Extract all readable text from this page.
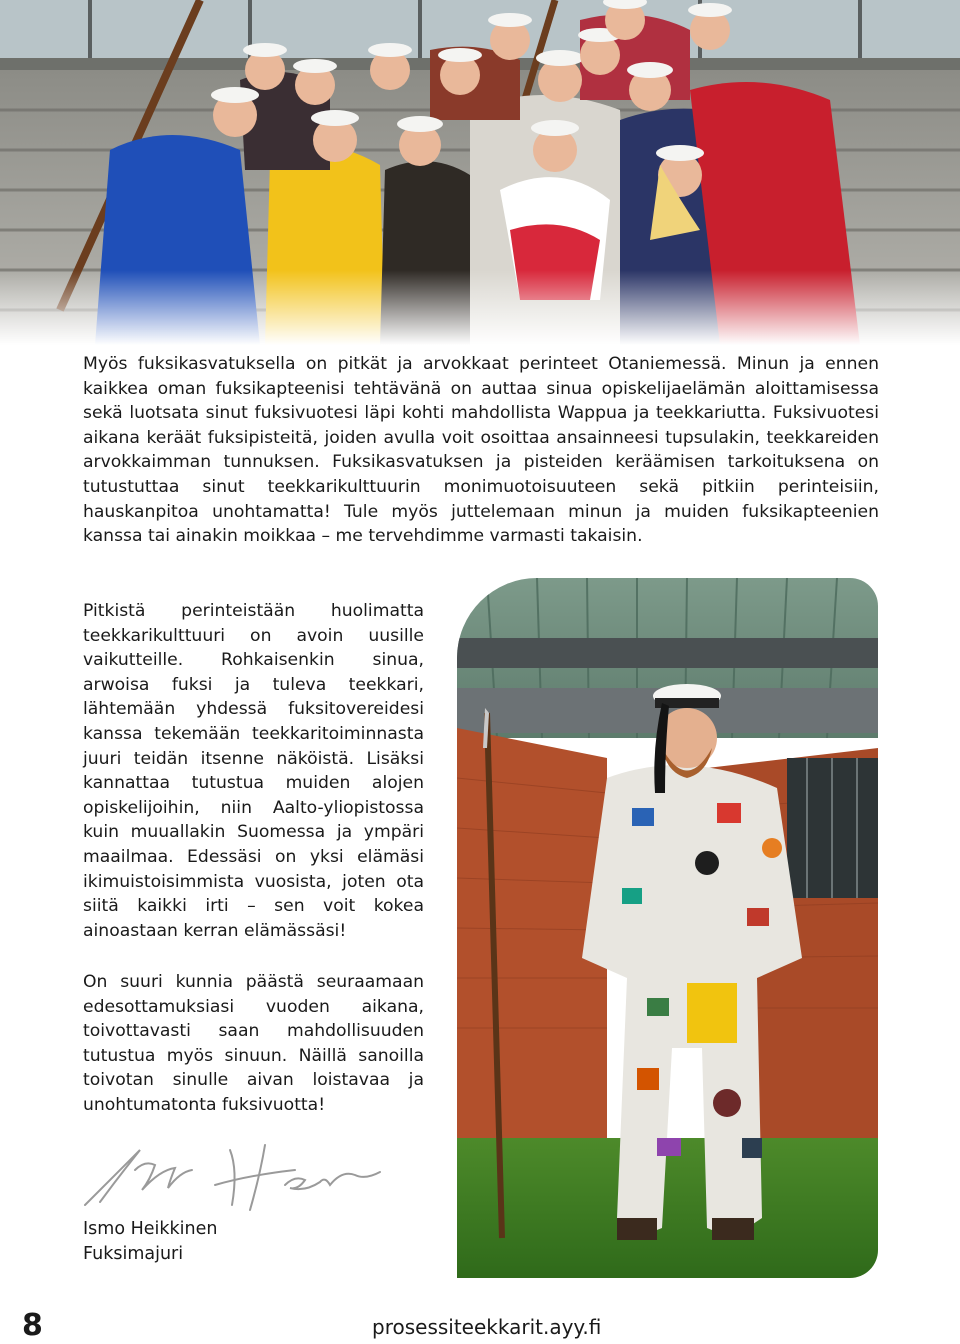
Myös fuksikasvatuksella on pitkät ja arvokkaat perinteet Otaniemessä. Minun ja ennen kaikkea oman fuksikapteenisi tehtävänä on auttaa sinua opiskelijaelämän aloittamisessa sekä luotsata sinut fuksivuotesi läpi kohti mahdollista Wappua ja teekkariutta. Fuksivuotesi aikana keräät fuksipisteitä, joiden avulla voit osoittaa ansainneesi tupsulakin, teekkareiden arvokkaimman tunnuksen. Fuksikasvatuksen ja pisteiden keräämisen tarkoituksena on tutustuttaa sinut teekkarikulttuurin monimuotoisuuteen sekä pitkiin perinteisiin, hauskanpitoa unohtamatta! Tule myös juttelemaan minun ja muiden fuksikapteenien kanssa tai ainakin moikkaa – me tervehdimme varmasti takaisin.

Pitkistä perinteistään huolimatta teekkarikulttuuri on avoin uusille vaikutteille. Rohkaisenkin sinua, arwoisa fuksi ja tuleva teekkari, lähtemään yhdessä fuksitovereidesi kanssa tekemään teekkaritoiminnasta juuri teidän itsenne näköistä. Lisäksi kannattaa tutustua muiden alojen opiskelijoihin, niin Aalto-yliopistossa kuin muuallakin Suomessa ja ympäri maailmaa. Edessäsi on yksi elämäsi ikimuistoisimmista vuosista, joten ota siitä kaikki irti – sen voit kokea ainoastaan kerran elämässäsi!

On suuri kunnia päästä seuraamaan edesottamuksiasi vuoden aikana, toivottavasti saan mahdollisuuden tutustua myös sinuun. Näillä sanoilla toivotan sinulle aivan loistavaa ja unohtumatonta fuksivuotta!

Ismo Heikkinen
Fuksimajuri
8	prosessiteekkarit.ayy.fi
